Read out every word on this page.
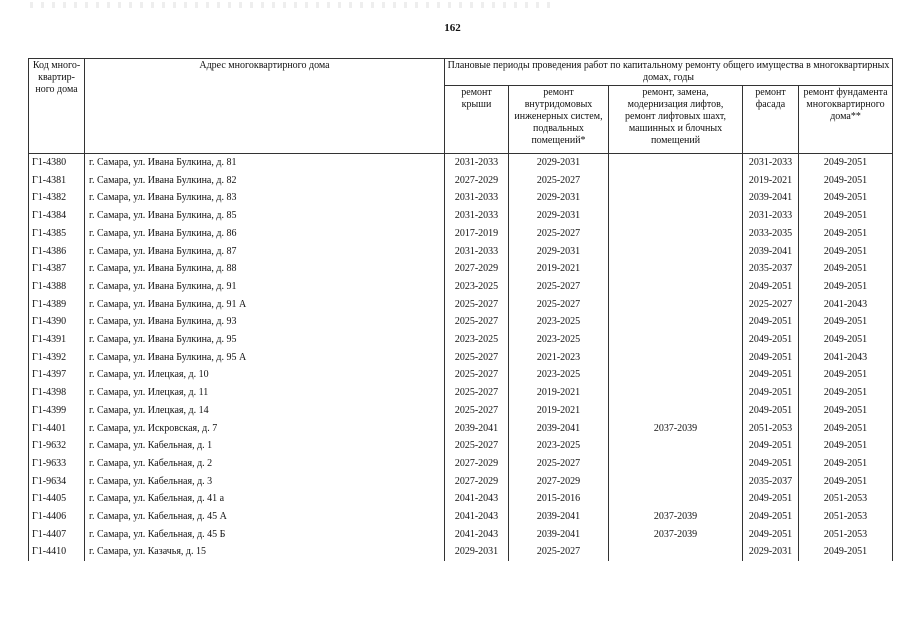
162
Код много-
квартир-
ного дома	Адрес многоквартирного дома	Плановые периоды проведения работ по капитальному ремонту общего имущества в многоквартирных домах, годы				
		ремонт
крыши	ремонт
внутридомовых
инженерных систем,
подвальных
помещений*	ремонт, замена,
модернизация лифтов,
ремонт лифтовых шахт,
машинных и блочных
помещений	ремонт
фасада	ремонт фундамента
многоквартирного
дома**
Г1-4380	г. Самара, ул. Ивана Булкина, д. 81	2031-2033	2029-2031		2031-2033	2049-2051
Г1-4381	г. Самара, ул. Ивана Булкина, д. 82	2027-2029	2025-2027		2019-2021	2049-2051
Г1-4382	г. Самара, ул. Ивана Булкина, д. 83	2031-2033	2029-2031		2039-2041	2049-2051
Г1-4384	г. Самара, ул. Ивана Булкина, д. 85	2031-2033	2029-2031		2031-2033	2049-2051
Г1-4385	г. Самара, ул. Ивана Булкина, д. 86	2017-2019	2025-2027		2033-2035	2049-2051
Г1-4386	г. Самара, ул. Ивана Булкина, д. 87	2031-2033	2029-2031		2039-2041	2049-2051
Г1-4387	г. Самара, ул. Ивана Булкина, д. 88	2027-2029	2019-2021		2035-2037	2049-2051
Г1-4388	г. Самара, ул. Ивана Булкина, д. 91	2023-2025	2025-2027		2049-2051	2049-2051
Г1-4389	г. Самара, ул. Ивана Булкина, д. 91 А	2025-2027	2025-2027		2025-2027	2041-2043
Г1-4390	г. Самара, ул. Ивана Булкина, д. 93	2025-2027	2023-2025		2049-2051	2049-2051
Г1-4391	г. Самара, ул. Ивана Булкина, д. 95	2023-2025	2023-2025		2049-2051	2049-2051
Г1-4392	г. Самара, ул. Ивана Булкина, д. 95 А	2025-2027	2021-2023		2049-2051	2041-2043
Г1-4397	г. Самара, ул. Илецкая, д. 10	2025-2027	2023-2025		2049-2051	2049-2051
Г1-4398	г. Самара, ул. Илецкая, д. 11	2025-2027	2019-2021		2049-2051	2049-2051
Г1-4399	г. Самара, ул. Илецкая, д. 14	2025-2027	2019-2021		2049-2051	2049-2051
Г1-4401	г. Самара, ул. Искровская, д. 7	2039-2041	2039-2041	2037-2039	2051-2053	2049-2051
Г1-9632	г. Самара, ул. Кабельная, д. 1	2025-2027	2023-2025		2049-2051	2049-2051
Г1-9633	г. Самара, ул. Кабельная, д. 2	2027-2029	2025-2027		2049-2051	2049-2051
Г1-9634	г. Самара, ул. Кабельная, д. 3	2027-2029	2027-2029		2035-2037	2049-2051
Г1-4405	г. Самара, ул. Кабельная, д. 41 а	2041-2043	2015-2016		2049-2051	2051-2053
Г1-4406	г. Самара, ул. Кабельная, д. 45 А	2041-2043	2039-2041	2037-2039	2049-2051	2051-2053
Г1-4407	г. Самара, ул. Кабельная, д. 45 Б	2041-2043	2039-2041	2037-2039	2049-2051	2051-2053
Г1-4410	г. Самара, ул. Казачья, д. 15	2029-2031	2025-2027		2029-2031	2049-2051
